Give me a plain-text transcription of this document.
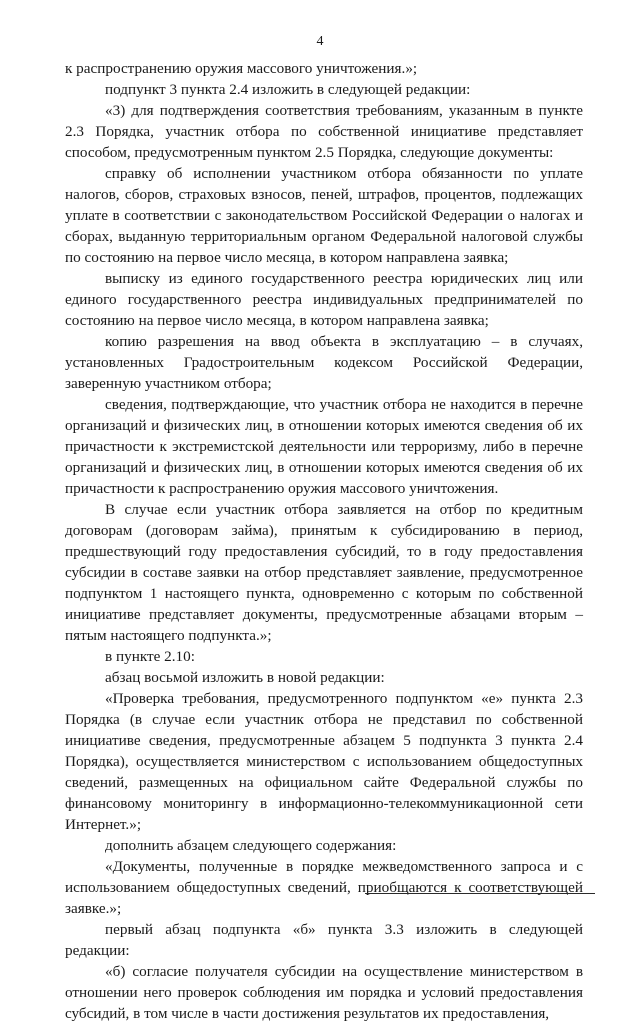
4

к распространению оружия массового уничтожения.»;

подпункт 3 пункта 2.4 изложить в следующей редакции:

«3) для подтверждения соответствия требованиям, указанным в пункте 2.3 Порядка, участник отбора по собственной инициативе представляет способом, предусмотренным пунктом 2.5 Порядка, следующие документы:

справку об исполнении участником отбора обязанности по уплате налогов, сборов, страховых взносов, пеней, штрафов, процентов, подлежащих уплате в соответствии с законодательством Российской Федерации о налогах и сборах, выданную территориальным органом Федеральной налоговой службы по состоянию на первое число месяца, в котором направлена заявка;

выписку из единого государственного реестра юридических лиц или единого государственного реестра индивидуальных предпринимателей по состоянию на первое число месяца, в котором направлена заявка;

копию разрешения на ввод объекта в эксплуатацию – в случаях, установленных Градостроительным кодексом Российской Федерации, заверенную участником отбора;

сведения, подтверждающие, что участник отбора не находится в перечне организаций и физических лиц, в отношении которых имеются сведения об их причастности к экстремистской деятельности или терроризму, либо в перечне организаций и физических лиц, в отношении которых имеются сведения об их причастности к распространению оружия массового уничтожения.

В случае если участник отбора заявляется на отбор по кредитным договорам (договорам займа), принятым к субсидированию в период, предшествующий году предоставления субсидий, то в году предоставления субсидии в составе заявки на отбор представляет заявление, предусмотренное подпунктом 1 настоящего пункта, одновременно с которым по собственной инициативе представляет документы, предусмотренные абзацами вторым – пятым настоящего подпункта.»;

в пункте 2.10:

абзац восьмой изложить в новой редакции:

«Проверка требования, предусмотренного подпунктом «е» пункта 2.3 Порядка (в случае если участник отбора не представил по собственной инициативе сведения, предусмотренные абзацем 5 подпункта 3 пункта 2.4 Порядка), осуществляется министерством с использованием общедоступных сведений, размещенных на официальном сайте Федеральной службы по финансовому мониторингу в информационно-телекоммуникационной сети Интернет.»;

дополнить абзацем следующего содержания:

«Документы, полученные в порядке межведомственного запроса и с использованием общедоступных сведений, приобщаются к соответствующей заявке.»;

первый абзац подпункта «б» пункта 3.3 изложить в следующей редакции:

«б) согласие получателя субсидии на осуществление министерством в отношении него проверок соблюдения им порядка и условий предоставления субсидий, в том числе в части достижения результатов их предоставления,
